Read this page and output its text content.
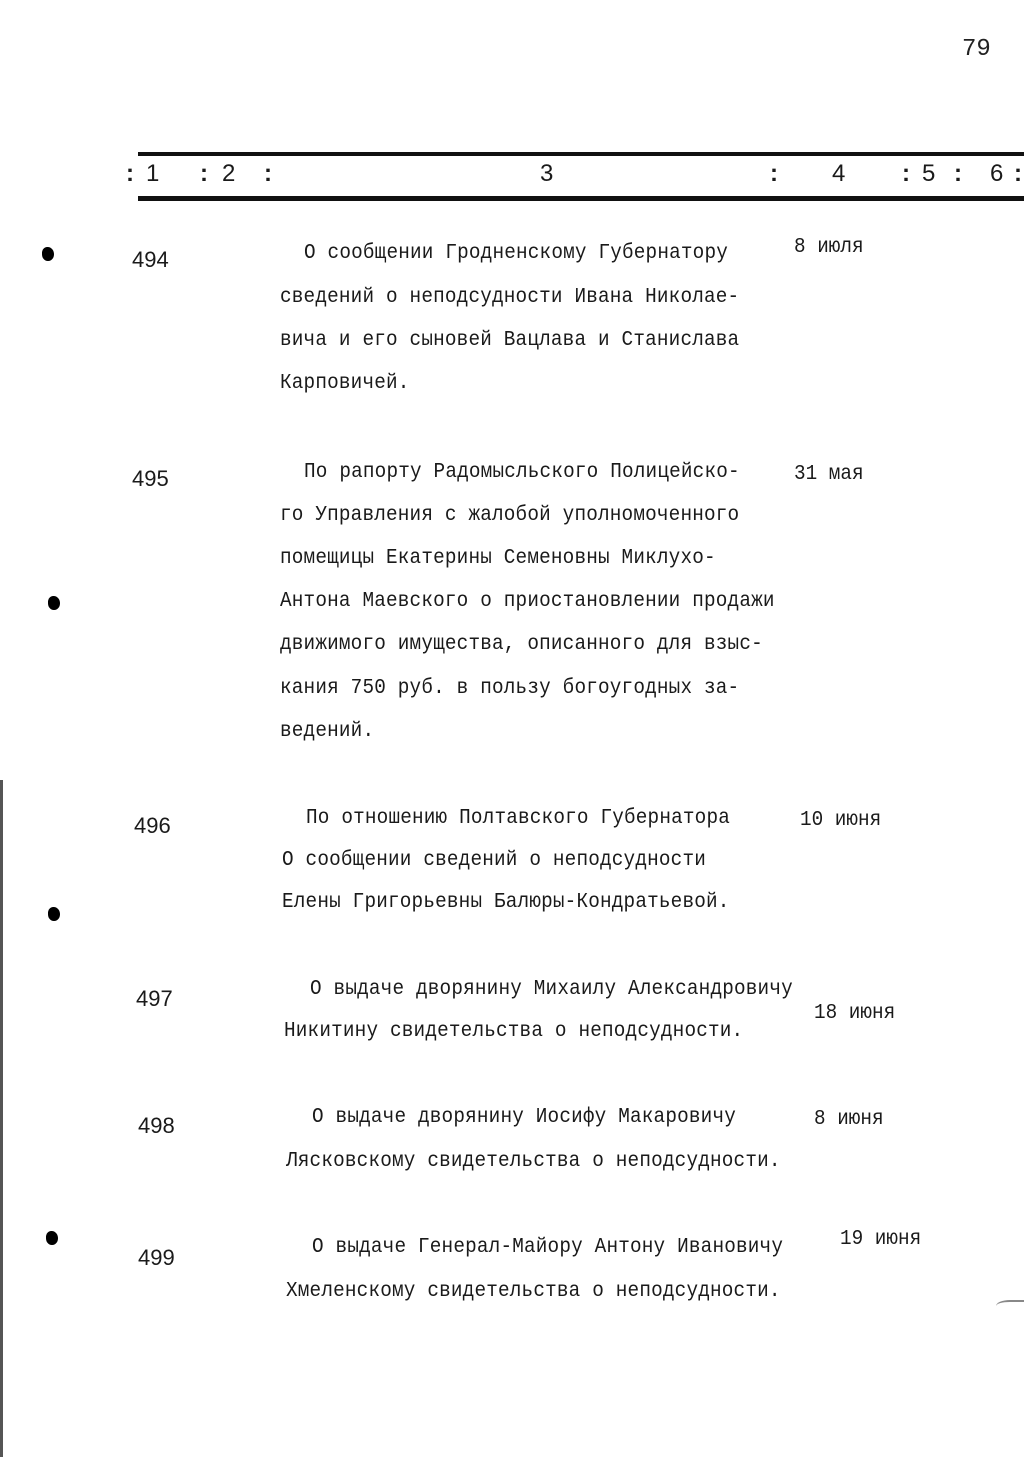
79
: 1 : 2 :	3	: 4 : 5 : 6 :
494	О сообщении Гродненскому Губернатору
сведений о неподсудности Ивана Николае-
вича и его сыновей Вацлава и Станислава
Карповичей.
8 июля
495	По рапорту Радомысльского Полицейско-
го Управления с жалобой уполномоченного
помещицы Екатерины Семеновны Миклухо-
Антона Маевского о приостановлении продажи
движимого имущества, описанного для взыс-
кания 750 руб. в пользу богоугодных за-
ведений.
31 мая
496	По отношению Полтавского Губернатора
О сообщении сведений о неподсудности
Елены Григорьевны Балюры-Кондратьевой.
10 июня
497	О выдаче дворянину Михаилу Александровичу
Никитину свидетельства о неподсудности.
18 июня
498	О выдаче дворянину Иосифу Макаровичу
Лясковскому свидетельства о неподсудности.
8 июня
499	О выдаче Генерал-Майору Антону Ивановичу
Хмеленскому свидетельства о неподсудности.
19 июня
